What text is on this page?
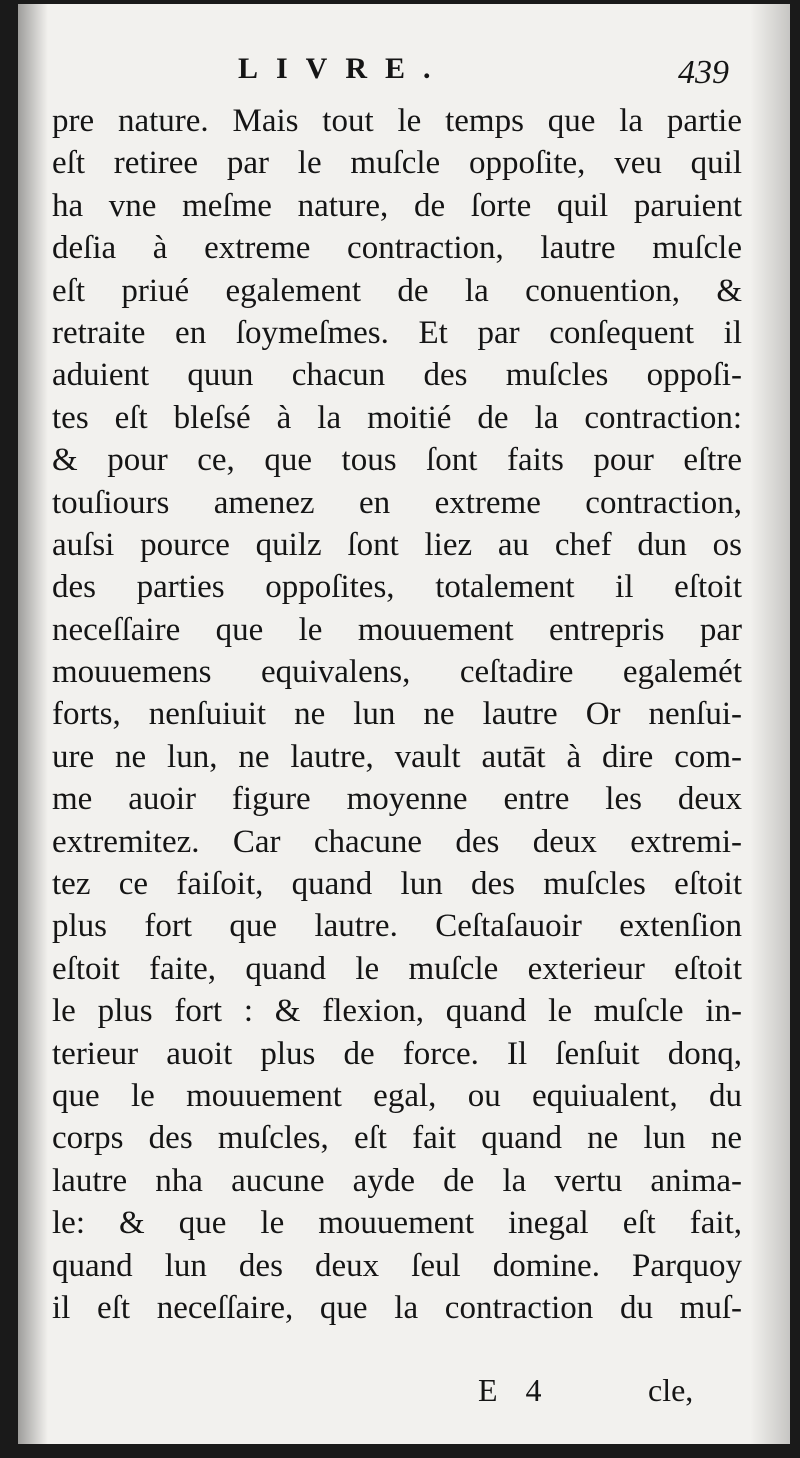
LIVRE.	439
pre nature. Mais tout le temps que la partie
eſt retiree par le muſcle oppoſite, veu quil
ha vne meſme nature, de ſorte quil paruient
deſia à extreme contraction, lautre muſcle
eſt priué egalement de la conuention, &
retraite en ſoymeſmes. Et par conſequent il
aduient quun chacun des muſcles oppoſi-
tes eſt bleſsé à la moitié de la contraction:
& pour ce, que tous ſont faits pour eſtre
touſiours amenez en extreme contraction,
auſsi pource quilz ſont liez au chef dun os
des parties oppoſites, totalement il eſtoit
neceſſaire que le mouuement entrepris par
mouuemens equivalens, ceſtadire egalemét
forts, nenſuiuit ne lun ne lautre Or nenſui-
ure ne lun, ne lautre, vault autāt à dire com-
me auoir figure moyenne entre les deux
extremitez. Car chacune des deux extremi-
tez ce faiſoit, quand lun des muſcles eſtoit
plus fort que lautre. Ceſtaſauoir extenſion
eſtoit faite, quand le muſcle exterieur eſtoit
le plus fort : & flexion, quand le muſcle in-
terieur auoit plus de force. Il ſenſuit donq,
que le mouuement egal, ou equiualent, du
corps des muſcles, eſt fait quand ne lun ne
lautre nha aucune ayde de la vertu anima-
le: & que le mouuement inegal eſt fait,
quand lun des deux ſeul domine. Parquoy
il eſt neceſſaire, que la contraction du muſ-
E 4	cle,
